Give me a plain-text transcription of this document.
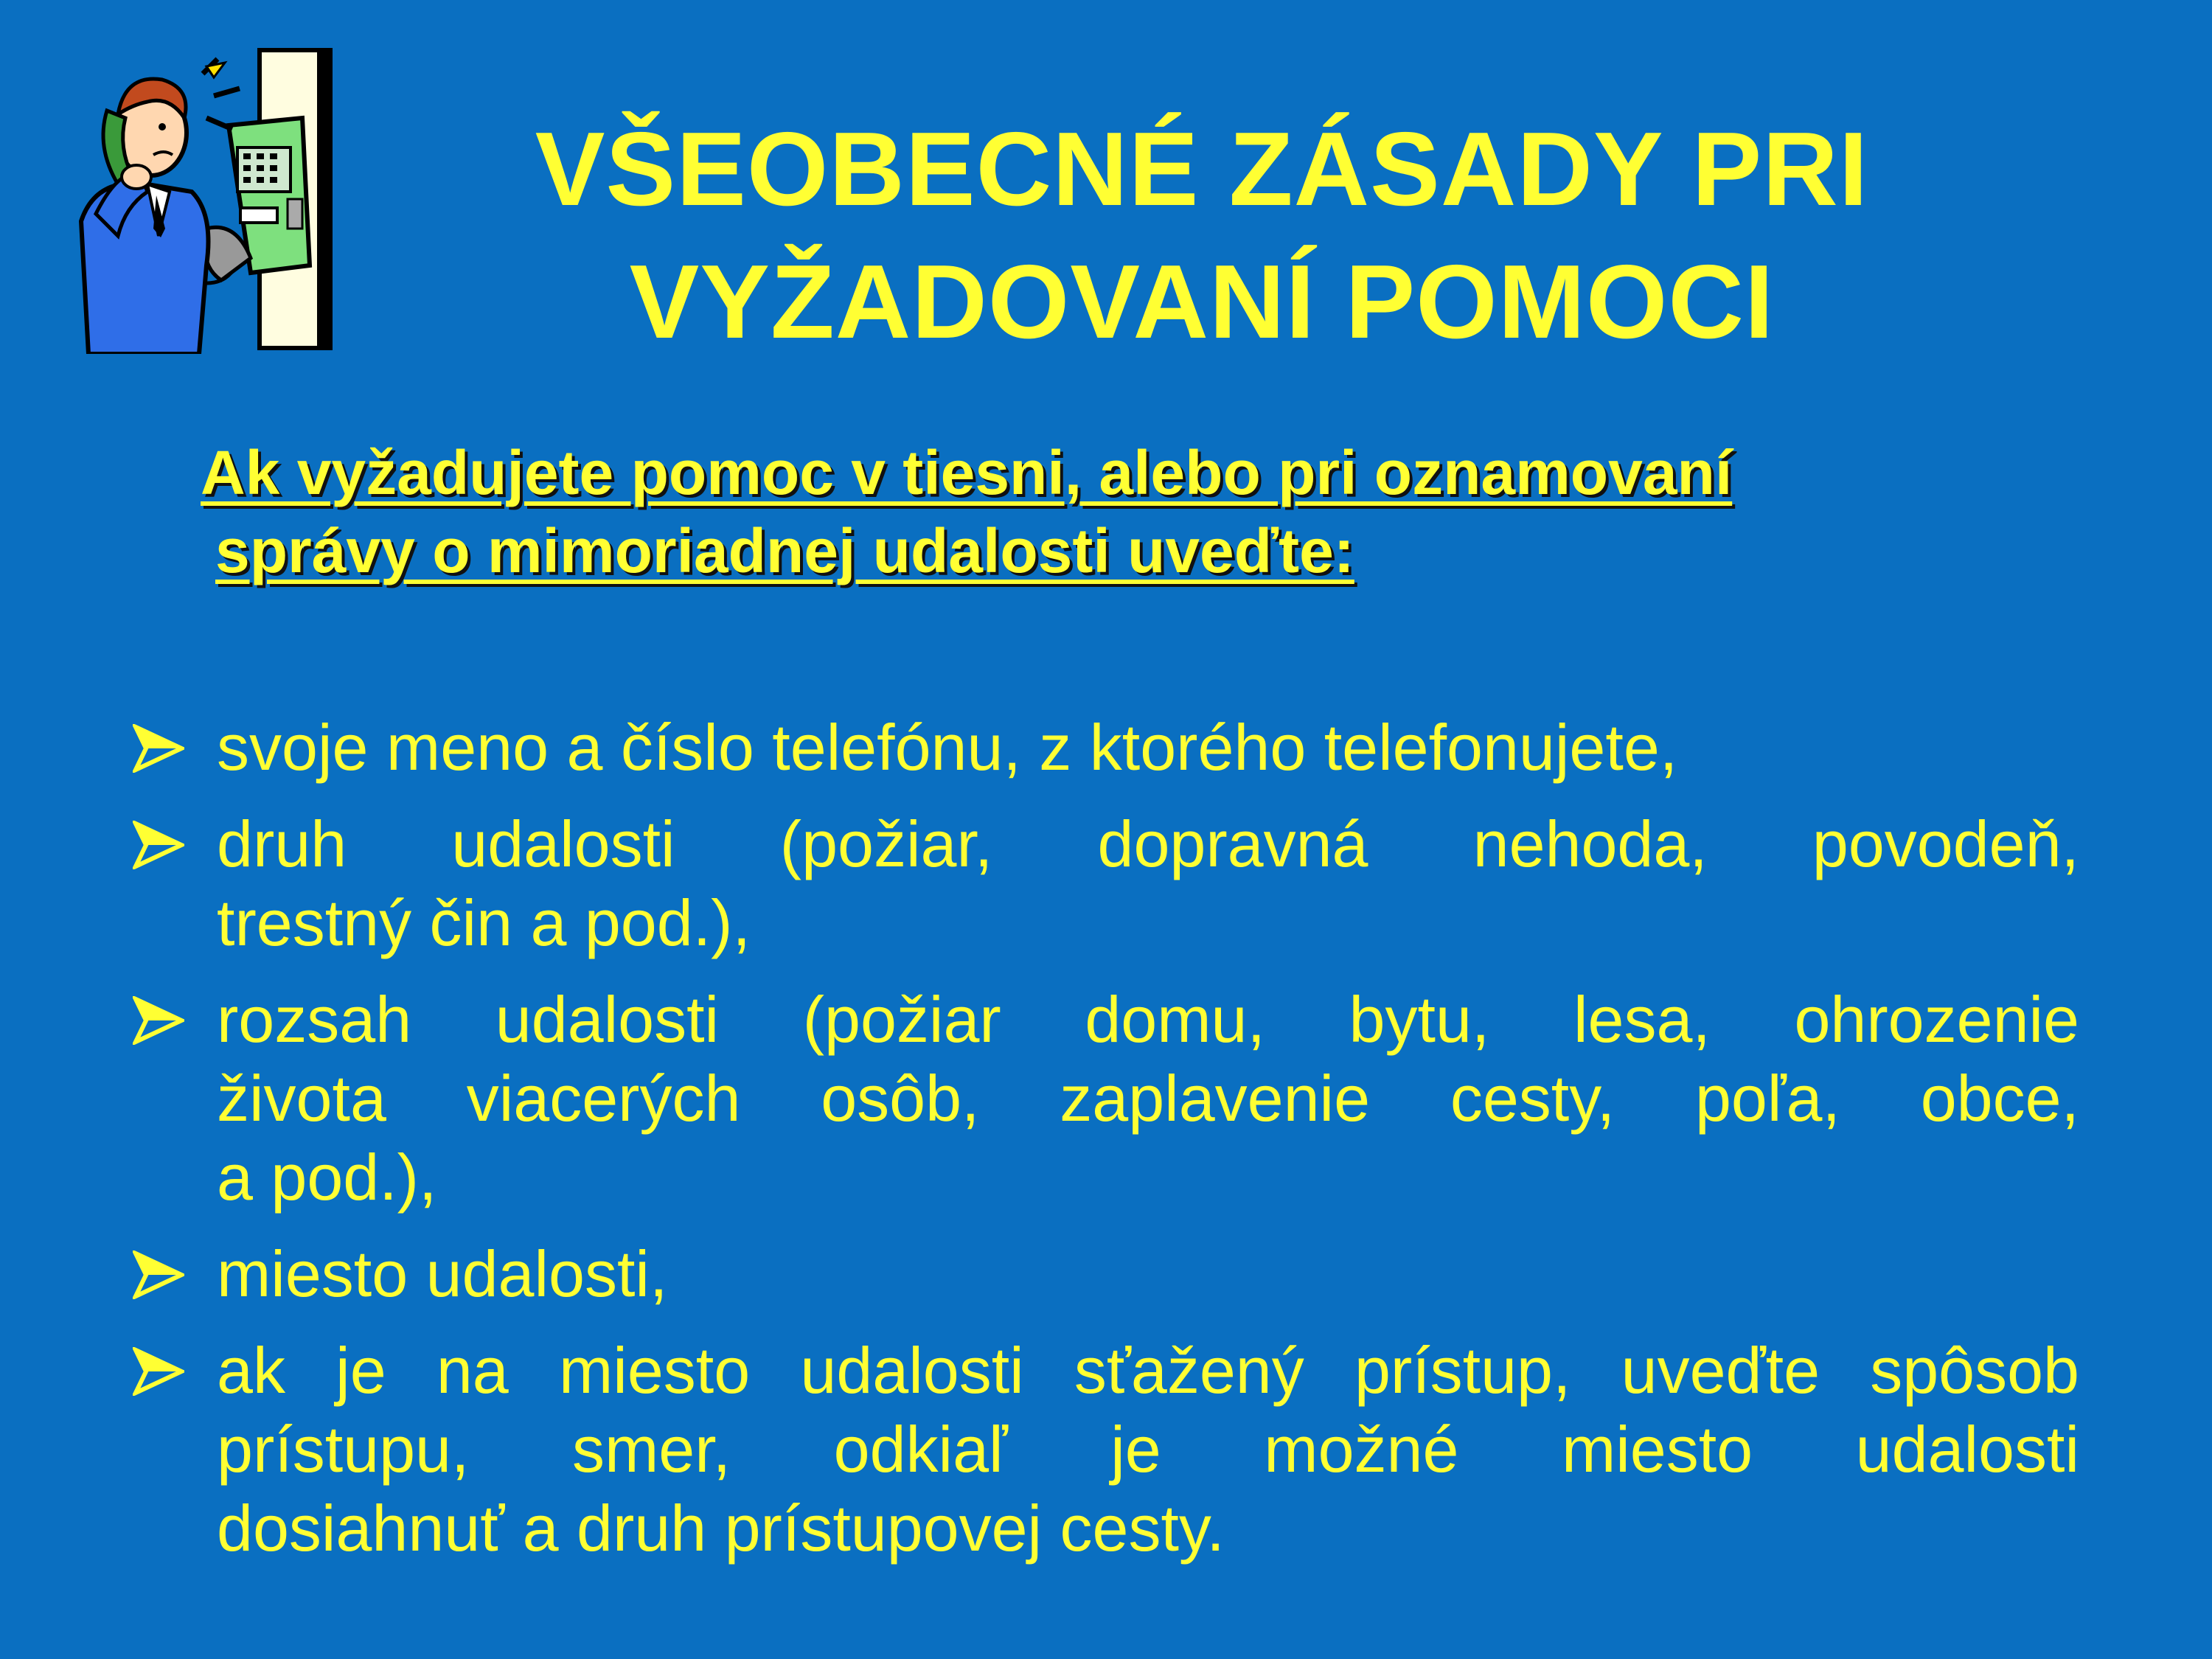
VŠEOBECNÉ ZÁSADY PRI
VYŽADOVANÍ POMOCI
Ak vyžadujete pomoc v tiesni, alebo pri oznamovaní
správy o mimoriadnej udalosti uveďte:
svoje meno a číslo telefónu, z ktorého telefonujete,
druh udalosti (požiar, dopravná nehoda, povodeň,
trestný čin a pod.),
rozsah udalosti (požiar domu, bytu, lesa, ohrozenie
života viacerých osôb, zaplavenie cesty, poľa, obce,
a pod.),
miesto udalosti,
ak je na miesto udalosti sťažený prístup, uveďte spôsob
prístupu, smer, odkiaľ je možné miesto udalosti
dosiahnuť a druh prístupovej cesty.
